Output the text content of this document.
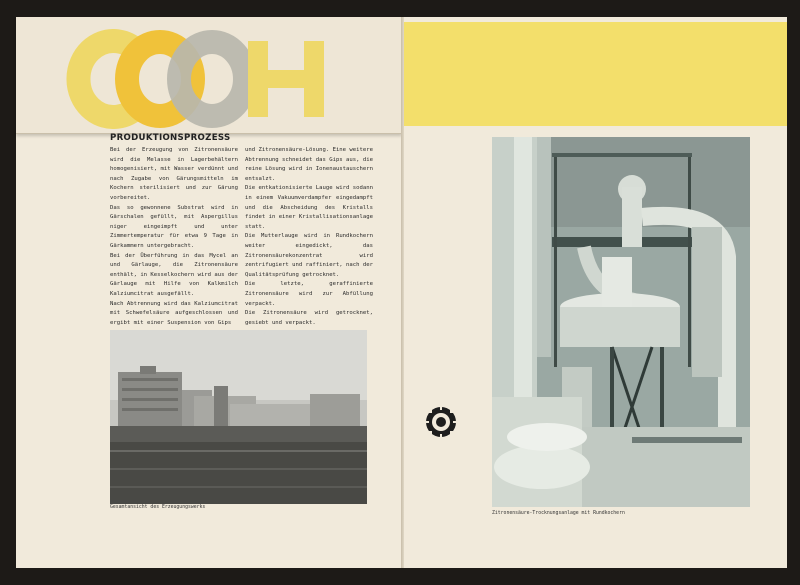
PRODUKTIONSPROZESS

Bei der Erzeugung von Zitronensäure wird die Melasse in Lagerbehältern homogenisiert, mit Wasser verdünnt und nach Zugabe von Gärungsmitteln im Kochern sterilisiert und zur Gärung vorbereitet.

Das so gewonnene Substrat wird in Gärschalen gefüllt, mit Aspergillus niger eingeimpft und unter Zimmertemperatur für etwa 9 Tage in Gärkammern untergebracht.

Bei der Überführung in das Mycel an und Gärlauge, die Zitronensäure enthält, in Kesselkochern wird aus der Gärlauge mit Hilfe von Kalkmilch Kalziumcitrat ausgefällt.

Nach Abtrennung wird das Kalziumcitrat mit Schwefelsäure aufgeschlossen und ergibt mit einer Suspension von Gips

und Zitronensäure-Lösung. Eine weitere Abtrennung schneidet das Gips aus, die reine Lösung wird in Ionenaustauschern entsalzt.

Die entkationisierte Lauge wird sodann in einem Vakuumverdampfer eingedampft und die Abscheidung des Kristalls findet in einer Kristallisationsanlage statt.

Die Mutterlauge wird in Rundkochern weiter eingedickt, das Zitronensäurekonzentrat wird zentrifugiert und raffiniert, nach der Qualitätsprüfung getrocknet.

Die letzte, geraffinierte Zitronensäure wird zur Abfüllung verpackt.

Die Zitronensäure wird getrocknet, gesiebt und verpackt.

Gesamtansicht des Erzeugungswerks
Zitronensäure-Trocknungsanlage mit Rundkochern
